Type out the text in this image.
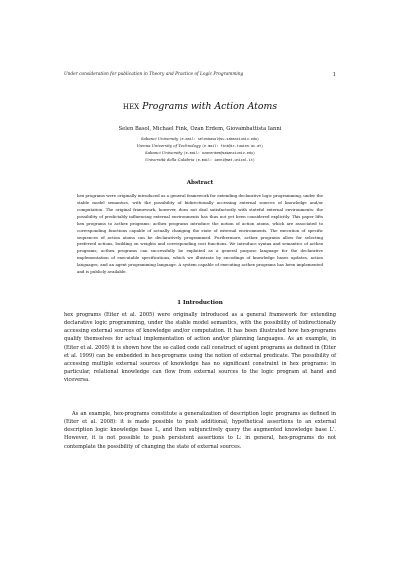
Under consideration for publication in Theory and Practice of Logic Programming	1
hex Programs with Action Atoms
Selen Basol, Michael Fink, Ozan Erdem, Giovambattista Ianni
Sabanci University (e-mail: selenbasol@su.sabanciuniv.edu)
Vienna University of Technology (e-mail: fink@kr.tuwien.ac.at)
Sabanci University (e-mail: ozanerdem@sabanciuniv.edu)
Università della Calabria (e-mail: ianni@mat.unical.it)
Abstract
hex programs were originally introduced as a general framework for extending declarative logic programming, under the stable model semantics, with the possibility of bidirectionally accessing external sources of knowledge and/or computation. The original framework, however, does not deal satisfactorily with stateful external environments: the possibility of predictably influencing external environments has thus not yet been considered explicitly. This paper lifts hex programs to acthex programs: acthex programs introduce the notion of action atoms, which are associated to corresponding functions capable of actually changing the state of external environments. The execution of specific sequences of action atoms can be declaratively programmed. Furthermore, acthex programs allow for selecting preferred actions, building on weights and corresponding cost functions. We introduce syntax and semantics of acthex programs; acthex programs can successfully be exploited as a general purpose language for the declarative implementation of executable specifications, which we illustrate by encodings of knowledge bases updates, action languages, and an agent programming language. A system capable of executing acthex programs has been implemented and is publicly available.
1 Introduction
hex programs (Eiter et al. 2005) were originally introduced as a general framework for extending declarative logic programming, under the stable model semantics, with the possibility of bidirectionally accessing external sources of knowledge and/or computation. It has been illustrated how hex-programs qualify themselves for actual implementation of action and/or planning languages. As an example, in (Eiter et al. 2005) it is shown how the so called code call construct of agent programs as defined in (Eiter et al. 1999) can be embedded in hex-programs using the notion of external predicate. The possibility of accessing multiple external sources of knowledge has no significant constraint in hex programs: in particular, relational knowledge can flow from external sources to the logic program at hand and viceversa.
As an example, hex-programs constitute a generalization of description logic programs as defined in (Eiter et al. 2008): it is made possible to push additional, hypothetical assertions to an external description logic knowledge base L, and then subjunctively query the augmented knowledge base L'. However, it is not possible to push persistent assertions to L: in general, hex-programs do not contemplate the possibility of changing the state of external sources.
